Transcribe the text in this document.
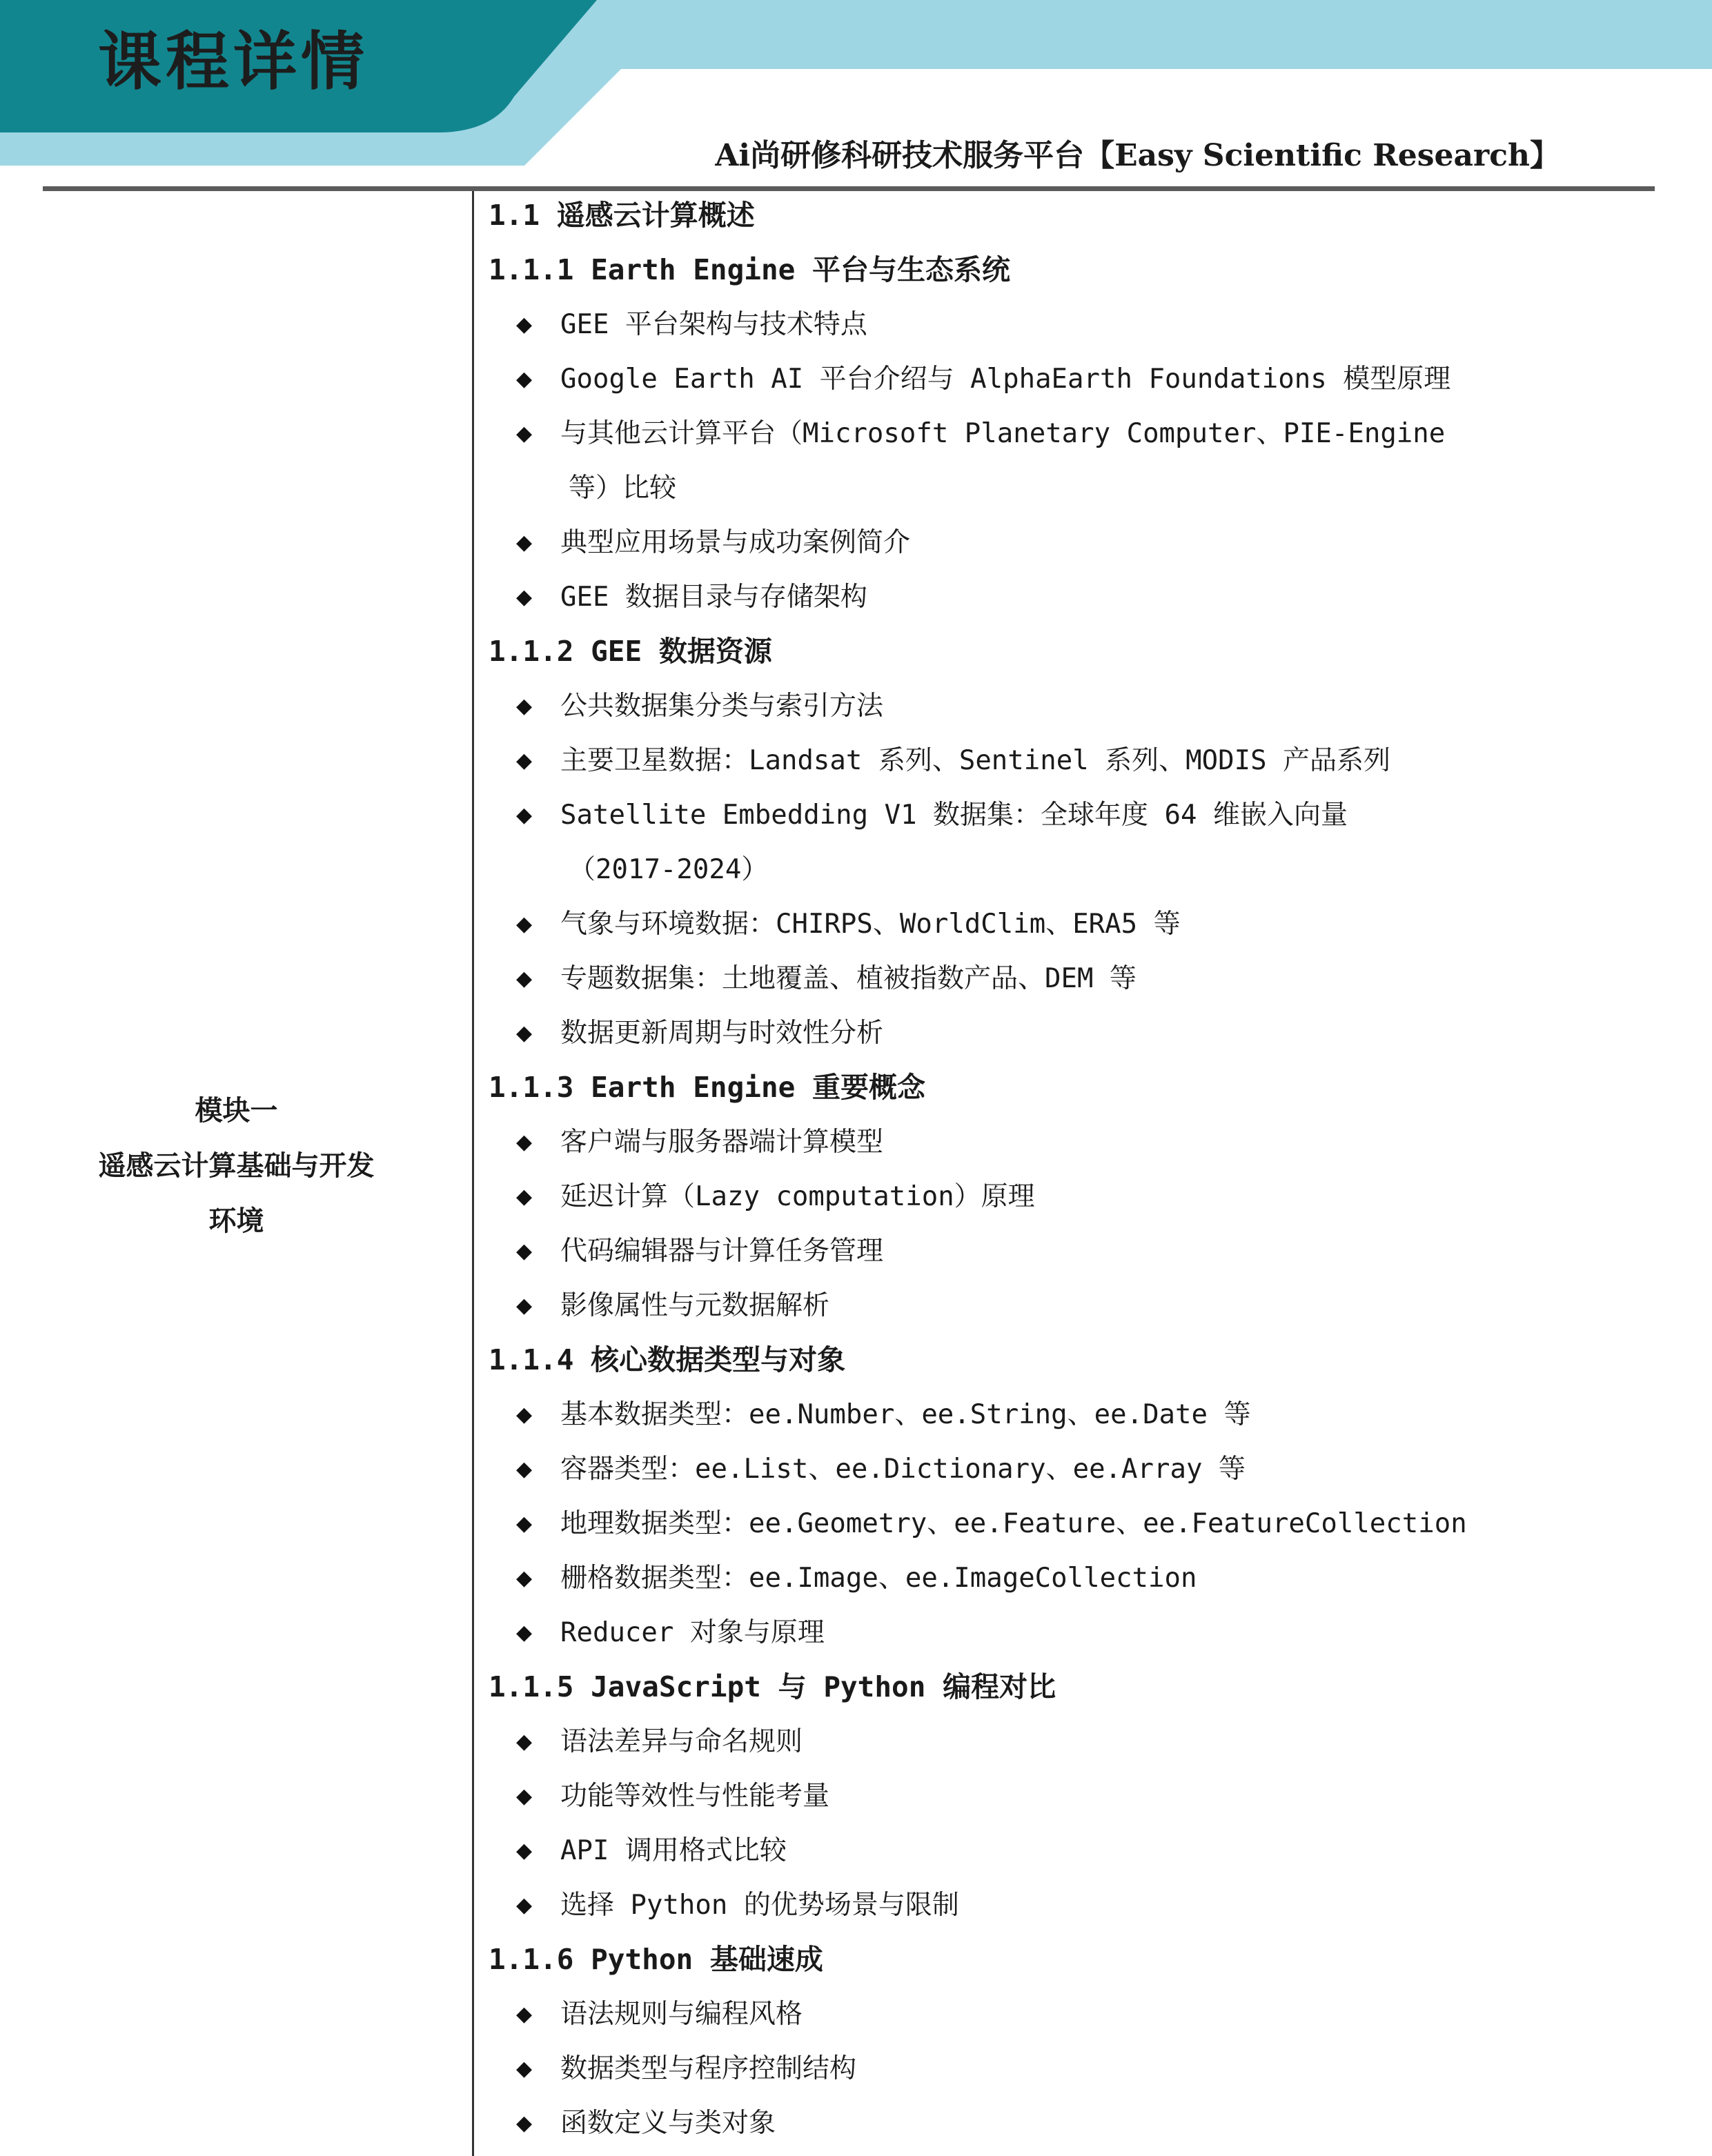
课程详情

Ai尚研修科研技术服务平台【Easy Scientific Research】

模块一
遥感云计算基础与开发
环境
1.1 遥感云计算概述
1.1.1 Earth Engine 平台与生态系统
◆ GEE 平台架构与技术特点
◆ Google Earth AI 平台介绍与 AlphaEarth Foundations 模型原理
◆ 与其他云计算平台（Microsoft Planetary Computer、PIE-Engine
等）比较
◆ 典型应用场景与成功案例简介
◆ GEE 数据目录与存储架构
1.1.2 GEE 数据资源
◆ 公共数据集分类与索引方法
◆ 主要卫星数据：Landsat 系列、Sentinel 系列、MODIS 产品系列
◆ Satellite Embedding V1 数据集：全球年度 64 维嵌入向量
（2017-2024）
◆ 气象与环境数据：CHIRPS、WorldClim、ERA5 等
◆ 专题数据集：土地覆盖、植被指数产品、DEM 等
◆ 数据更新周期与时效性分析
1.1.3 Earth Engine 重要概念
◆ 客户端与服务器端计算模型
◆ 延迟计算（Lazy computation）原理
◆ 代码编辑器与计算任务管理
◆ 影像属性与元数据解析
1.1.4 核心数据类型与对象
◆ 基本数据类型：ee.Number、ee.String、ee.Date 等
◆ 容器类型：ee.List、ee.Dictionary、ee.Array 等
◆ 地理数据类型：ee.Geometry、ee.Feature、ee.FeatureCollection
◆ 栅格数据类型：ee.Image、ee.ImageCollection
◆ Reducer 对象与原理
1.1.5 JavaScript 与 Python 编程对比
◆ 语法差异与命名规则
◆ 功能等效性与性能考量
◆ API 调用格式比较
◆ 选择 Python 的优势场景与限制
1.1.6 Python 基础速成
◆ 语法规则与编程风格
◆ 数据类型与程序控制结构
◆ 函数定义与类对象
